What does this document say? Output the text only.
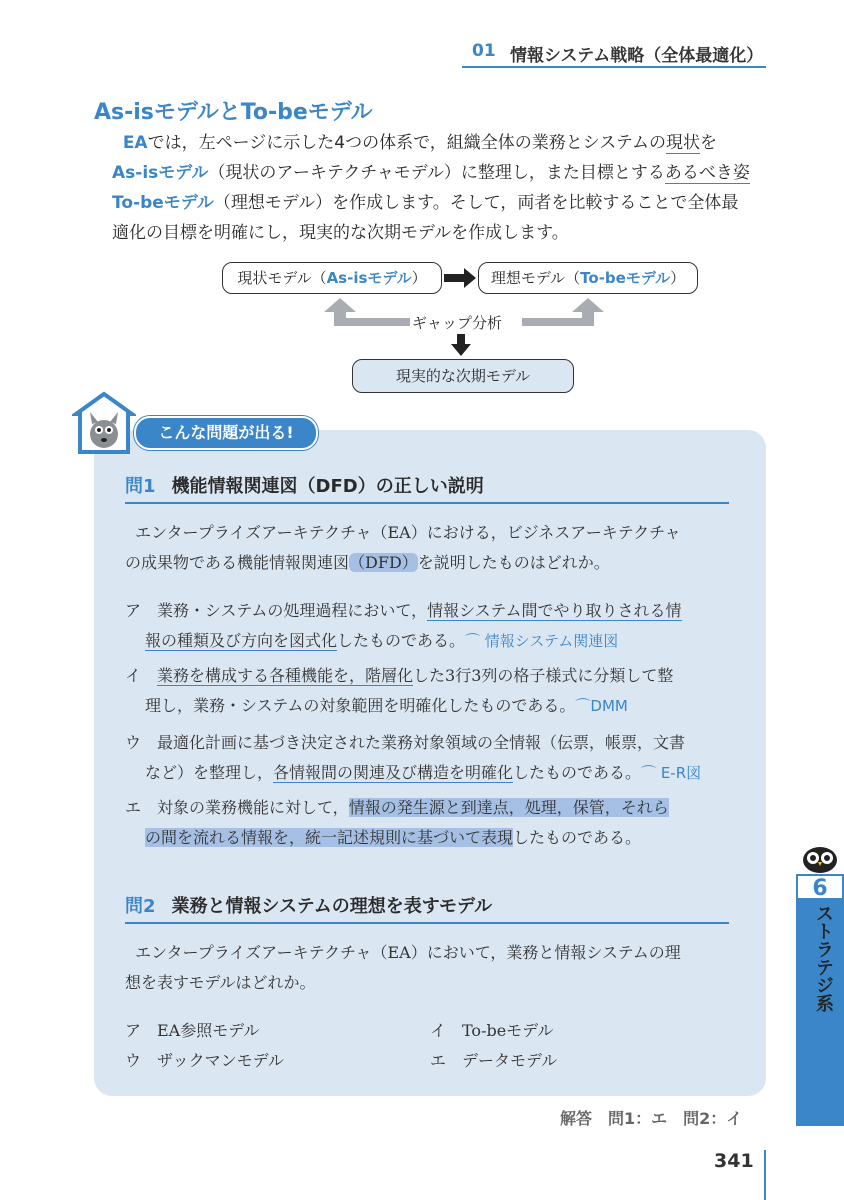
01 情報システム戦略（全体最適化）
As-isモデルとTo-beモデル
EAでは，左ページに示した4つの体系で，組織全体の業務とシステムの現状を
As-isモデル（現状のアーキテクチャモデル）に整理し，また目標とするあるべき姿
To-beモデル（理想モデル）を作成します。そして，両者を比較することで全体最
適化の目標を明確にし，現実的な次期モデルを作成します。
現状モデル（As-isモデル）	理想モデル（To-beモデル）
ギャップ分析
現実的な次期モデル
こんな問題が出る!
問1 機能情報関連図（DFD）の正しい説明
エンタープライズアーキテクチャ（EA）における，ビジネスアーキテクチャ
の成果物である機能情報関連図（DFD）を説明したものはどれか。
ア　業務・システムの処理過程において，情報システム間でやり取りされる情
報の種類及び方向を図式化したものである。⌒ 情報システム関連図
イ　業務を構成する各種機能を，階層化した3行3列の格子様式に分類して整
理し，業務・システムの対象範囲を明確化したものである。⌒DMM
ウ　最適化計画に基づき決定された業務対象領域の全情報（伝票，帳票，文書
など）を整理し，各情報間の関連及び構造を明確化したものである。⌒ E-R図
エ　対象の業務機能に対して，情報の発生源と到達点，処理，保管，それら
の間を流れる情報を，統一記述規則に基づいて表現したものである。
問2 業務と情報システムの理想を表すモデル
エンタープライズアーキテクチャ（EA）において，業務と情報システムの理
想を表すモデルはどれか。
ア　EA参照モデル	イ　To-beモデル
ウ　ザックマンモデル	エ　データモデル
解答　問1：エ　問2：イ
341
6
ストラテジ系
